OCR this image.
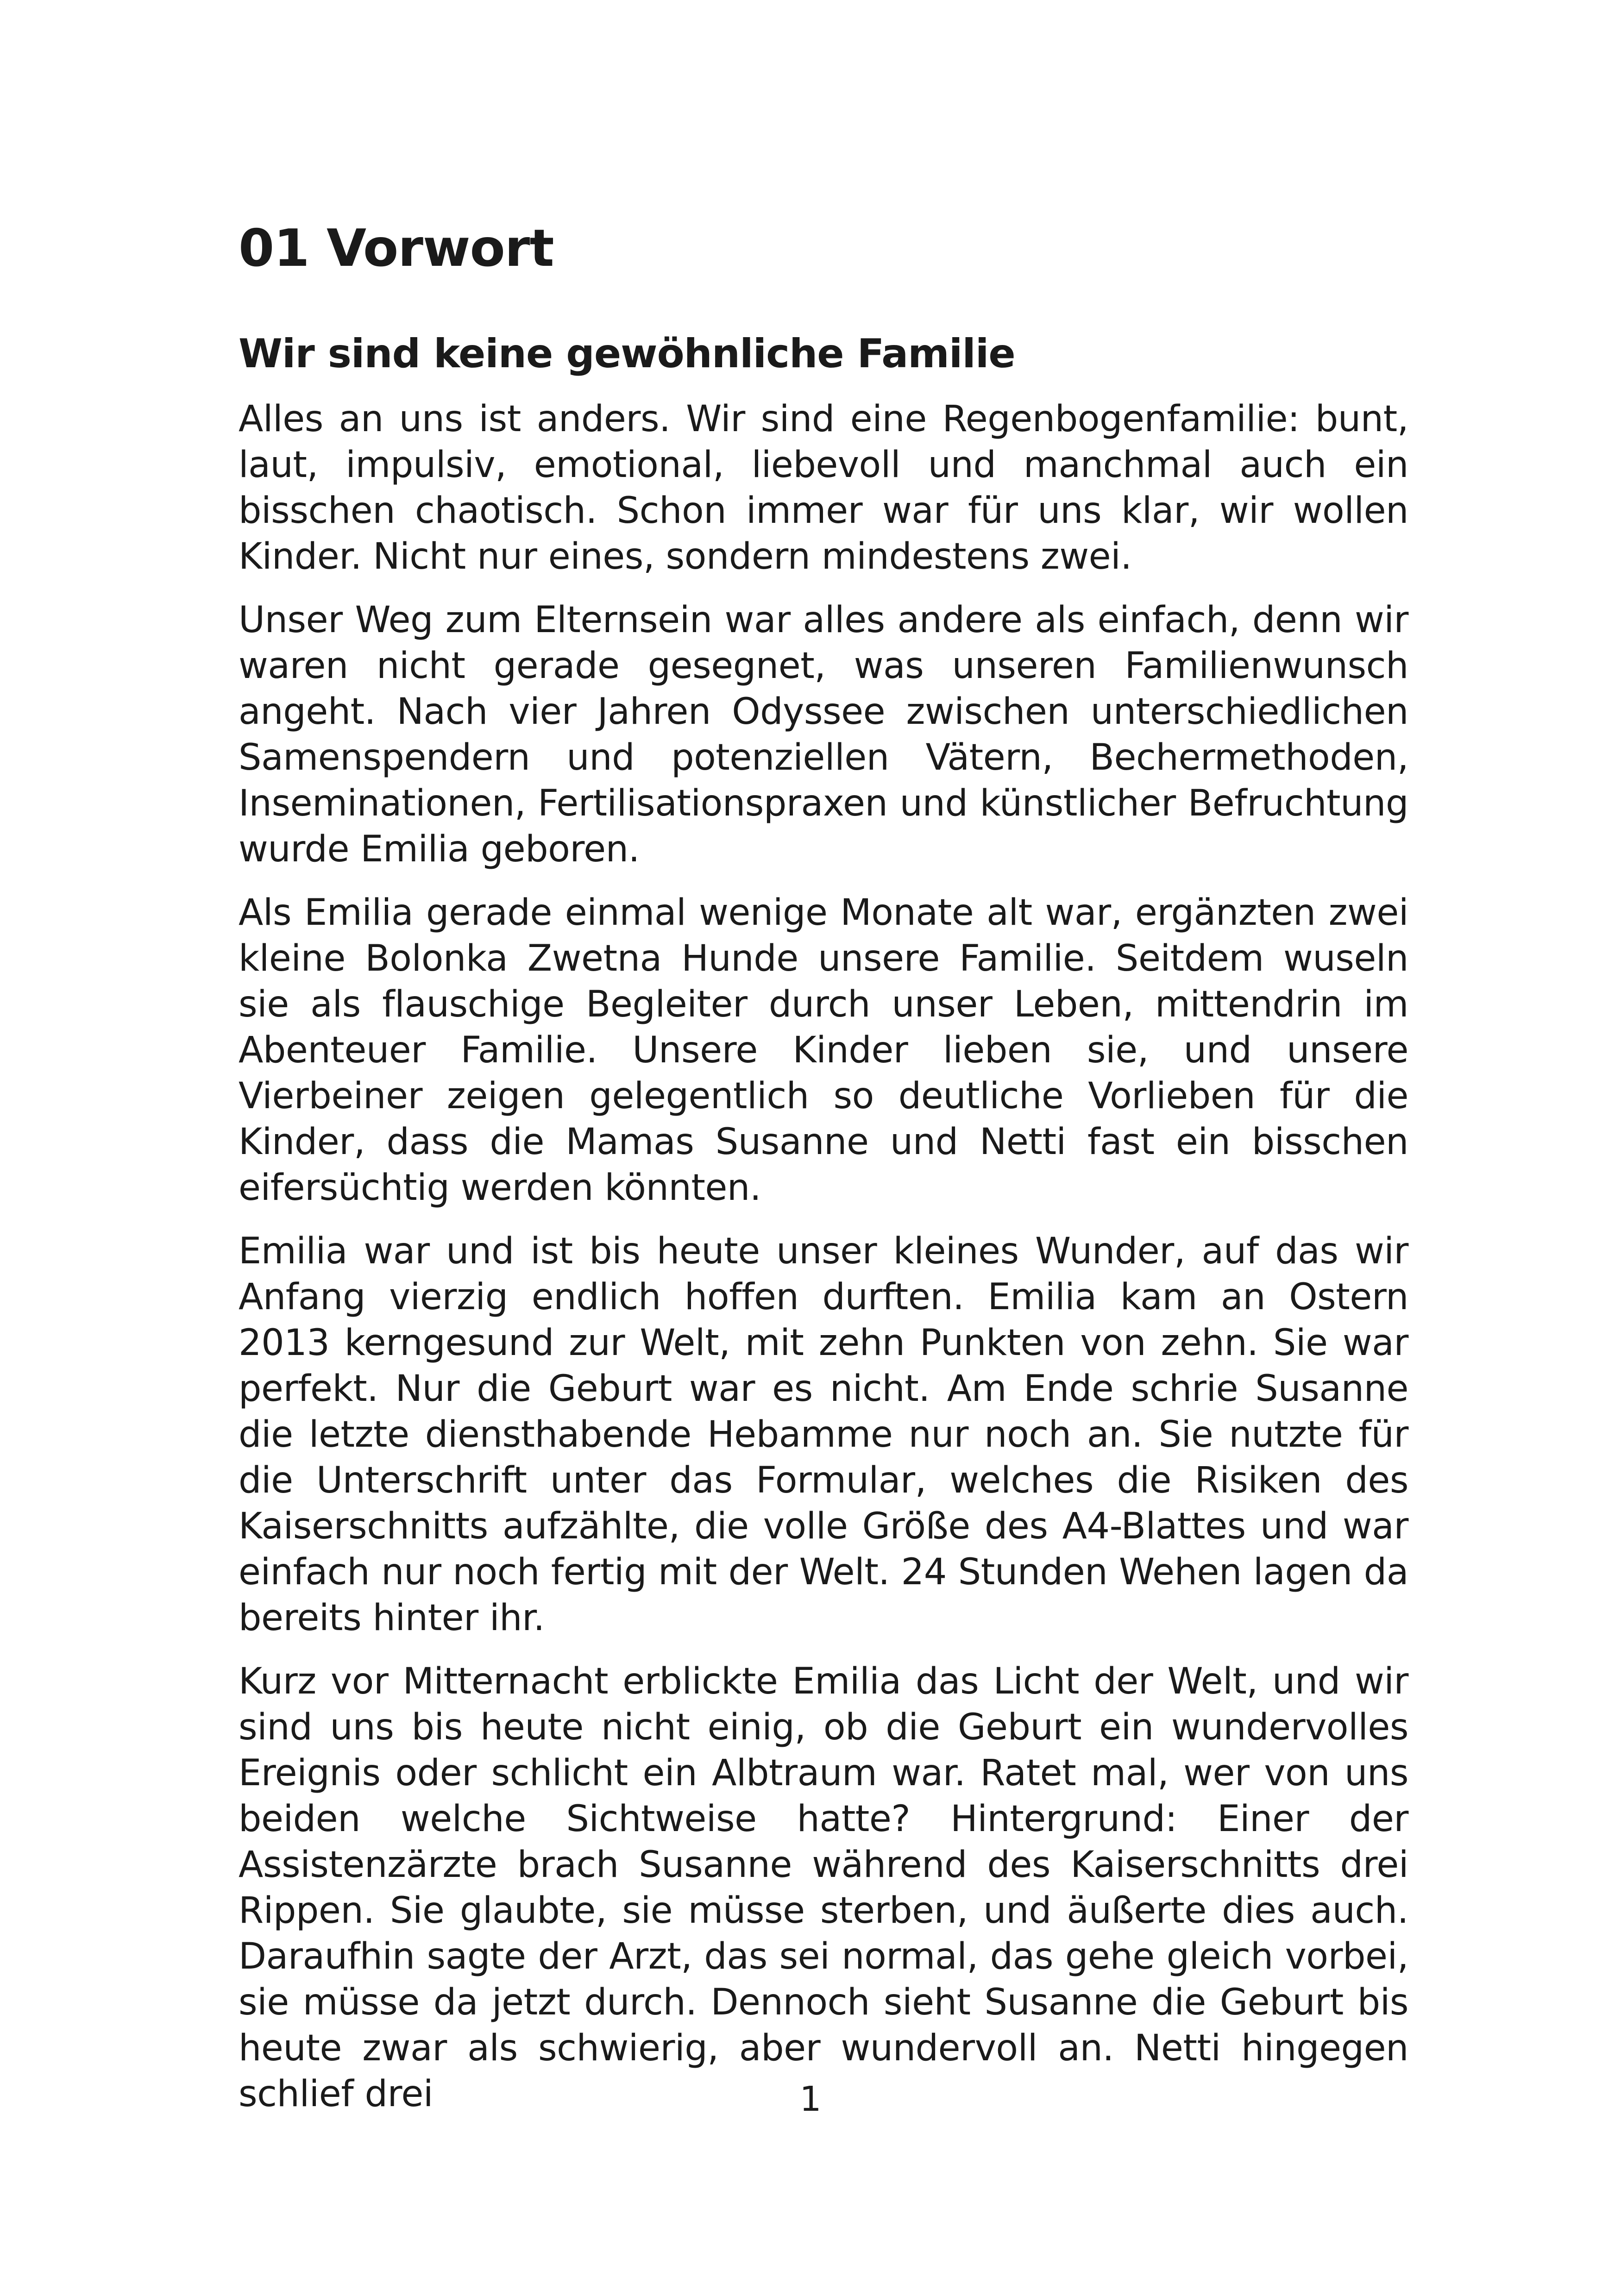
01 Vorwort
Wir sind keine gewöhnliche Familie

Alles an uns ist anders. Wir sind eine Regenbogenfamilie: bunt, laut, impulsiv, emotional, liebevoll und manchmal auch ein bisschen chaotisch. Schon immer war für uns klar, wir wollen Kinder. Nicht nur eines, sondern mindestens zwei.

Unser Weg zum Elternsein war alles andere als einfach, denn wir waren nicht gerade gesegnet, was unseren Familienwunsch angeht. Nach vier Jahren Odyssee zwischen unterschiedlichen Samenspendern und potenziellen Vätern, Bechermethoden, Inseminationen, Fertilisationspraxen und künstlicher Befruchtung wurde Emilia geboren.

Als Emilia gerade einmal wenige Monate alt war, ergänzten zwei kleine Bolonka Zwetna Hunde unsere Familie. Seitdem wuseln sie als flauschige Begleiter durch unser Leben, mittendrin im Abenteuer Familie. Unsere Kinder lieben sie, und unsere Vierbeiner zeigen gelegentlich so deutliche Vorlieben für die Kinder, dass die Mamas Susanne und Netti fast ein bisschen eifersüchtig werden könnten.

Emilia war und ist bis heute unser kleines Wunder, auf das wir Anfang vierzig endlich hoffen durften. Emilia kam an Ostern 2013 kerngesund zur Welt, mit zehn Punkten von zehn. Sie war perfekt. Nur die Geburt war es nicht. Am Ende schrie Susanne die letzte diensthabende Hebamme nur noch an. Sie nutzte für die Unterschrift unter das Formular, welches die Risiken des Kaiserschnitts aufzählte, die volle Größe des A4-Blattes und war einfach nur noch fertig mit der Welt. 24 Stunden Wehen lagen da bereits hinter ihr.

Kurz vor Mitternacht erblickte Emilia das Licht der Welt, und wir sind uns bis heute nicht einig, ob die Geburt ein wundervolles Ereignis oder schlicht ein Albtraum war. Ratet mal, wer von uns beiden welche Sichtweise hatte? Hintergrund: Einer der Assistenzärzte brach Susanne während des Kaiserschnitts drei Rippen. Sie glaubte, sie müsse sterben, und äußerte dies auch. Daraufhin sagte der Arzt, das sei normal, das gehe gleich vorbei, sie müsse da jetzt durch. Dennoch sieht Susanne die Geburt bis heute zwar als schwierig, aber wundervoll an. Netti hingegen schlief drei	1
